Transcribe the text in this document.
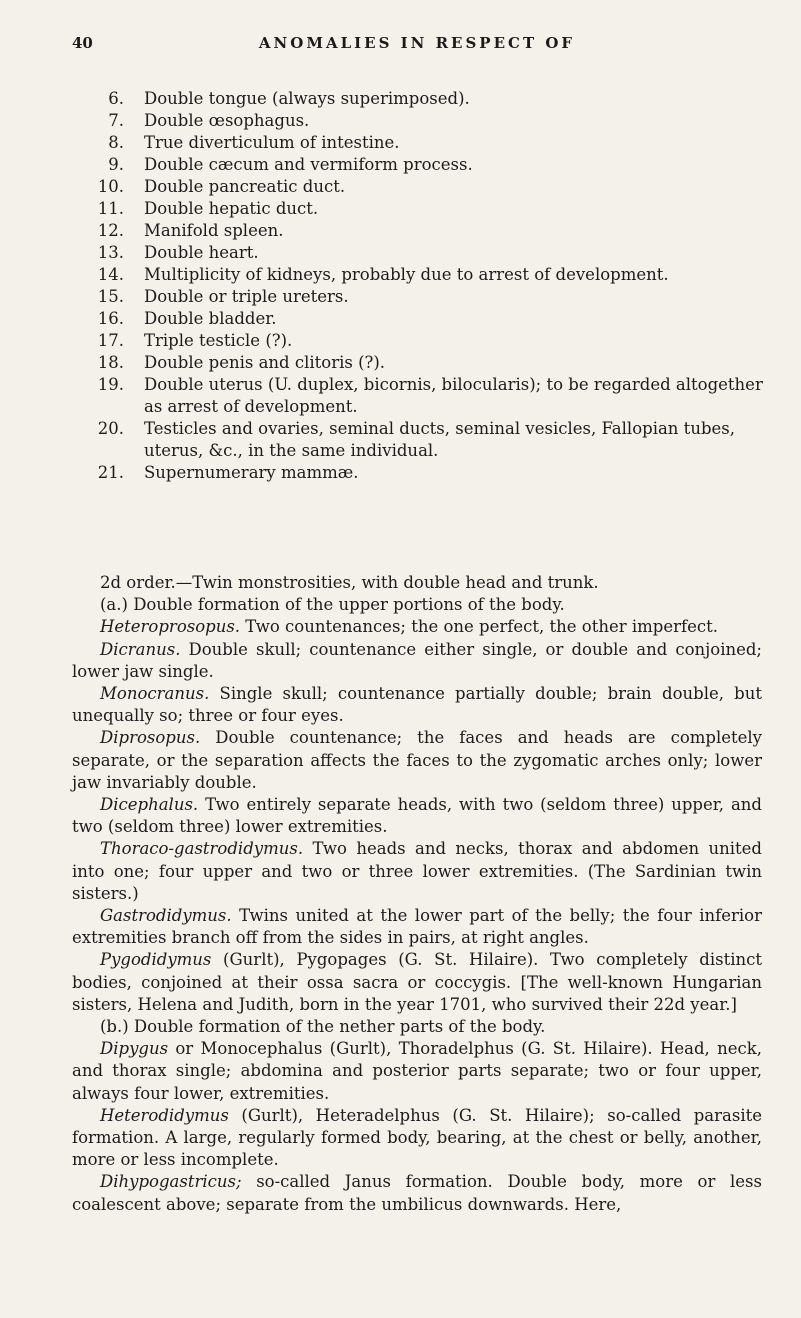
40	ANOMALIES IN RESPECT OF
6. Double tongue (always superimposed).
7. Double œsophagus.
8. True diverticulum of intestine.
9. Double cæcum and vermiform process.
10. Double pancreatic duct.
11. Double hepatic duct.
12. Manifold spleen.
13. Double heart.
14. Multiplicity of kidneys, probably due to arrest of development.
15. Double or triple ureters.
16. Double bladder.
17. Triple testicle (?).
18. Double penis and clitoris (?).
19. Double uterus (U. duplex, bicornis, bilocularis); to be regarded altogether as arrest of development.
20. Testicles and ovaries, seminal ducts, seminal vesicles, Fallopian tubes, uterus, &c., in the same individual.
21. Supernumerary mammæ.

2d order.—Twin monstrosities, with double head and trunk.

(a.) Double formation of the upper portions of the body.

Heteroprosopus. Two countenances; the one perfect, the other imperfect.

Dicranus. Double skull; countenance either single, or double and conjoined; lower jaw single.

Monocranus. Single skull; countenance partially double; brain double, but unequally so; three or four eyes.

Diprosopus. Double countenance; the faces and heads are completely separate, or the separation affects the faces to the zygomatic arches only; lower jaw invariably double.

Dicephalus. Two entirely separate heads, with two (seldom three) upper, and two (seldom three) lower extremities.

Thoraco-gastrodidymus. Two heads and necks, thorax and abdomen united into one; four upper and two or three lower extremities. (The Sardinian twin sisters.)

Gastrodidymus. Twins united at the lower part of the belly; the four inferior extremities branch off from the sides in pairs, at right angles.

Pygodidymus (Gurlt), Pygopages (G. St. Hilaire). Two completely distinct bodies, conjoined at their ossa sacra or coccygis. [The well-known Hungarian sisters, Helena and Judith, born in the year 1701, who survived their 22d year.]

(b.) Double formation of the nether parts of the body.

Dipygus or Monocephalus (Gurlt), Thoradelphus (G. St. Hilaire). Head, neck, and thorax single; abdomina and posterior parts separate; two or four upper, always four lower, extremities.

Heterodidymus (Gurlt), Heteradelphus (G. St. Hilaire); so-called parasite formation. A large, regularly formed body, bearing, at the chest or belly, another, more or less incomplete.

Dihypogastricus; so-called Janus formation. Double body, more or less coalescent above; separate from the umbilicus downwards. Here,
